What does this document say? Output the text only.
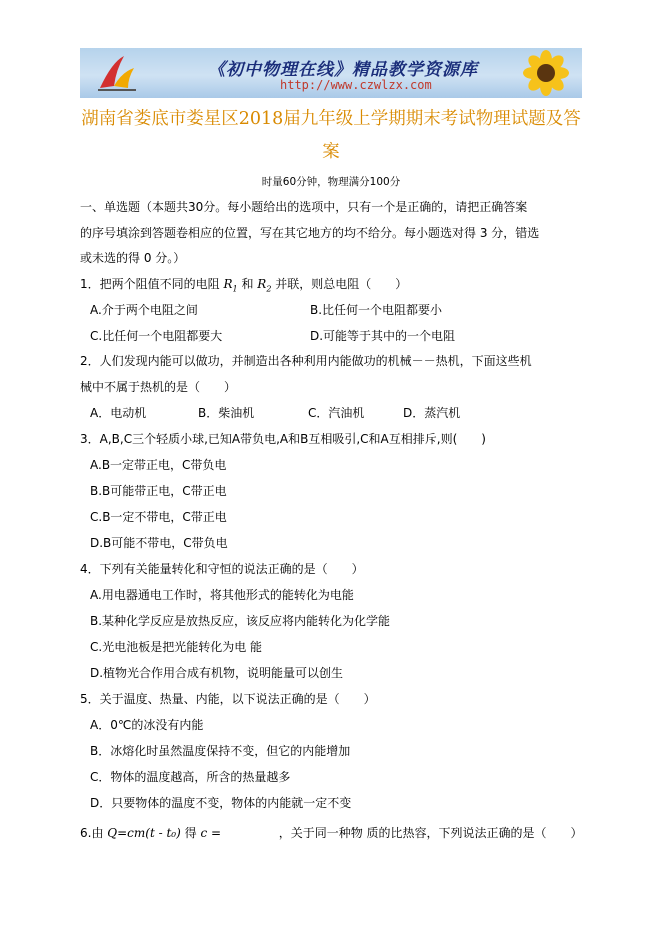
《初中物理在线》精品教学资源库
http://www.czwlzx.com
湖南省娄底市娄星区2018届九年级上学期期末考试物理试题及答
案
时量60分钟，物理满分100分
一、单选题（本题共30分。每小题给出的选项中，只有一个是正确的，请把正确答案
的序号填涂到答题卷相应的位置，写在其它地方的均不给分。每小题选对得 3 分，错选
或未选的得 0 分。）
1．把两个阻值不同的电阻 $R_1$ 和 $R_2$ 并联，则总电阻（　　）
A.介于两个电阻之间	B.比任何一个电阻都要小
C.比任何一个电阻都要大	D.可能等于其中的一个电阻
2．人们发现内能可以做功，并制造出各种利用内能做功的机械－－热机，下面这些机
械中不属于热机的是（　　）
A．电动机	B．柴油机	C．汽油机	D．蒸汽机
3．A,B,C三个轻质小球,已知A带负电,A和B互相吸引,C和A互相排斥,则(　　)
A.B一定带正电，C带负电
B.B可能带正电，C带正电
C.B一定不带电，C带正电
D.B可能不带电，C带负电
4．下列有关能量转化和守恒的说法正确的是（　　）
A.用电器通电工作时，将其他形式的能转化为电能
B.某种化学反应是放热反应，该反应将内能转化为化学能
C.光电池板是把光能转化为电 能
D.植物光合作用合成有机物，说明能量可以创生
5．关于温度、热量、内能，以下说法正确的是（　　）
A．0℃的冰没有内能
B．冰熔化时虽然温度保持不变，但它的内能增加
C．物体的温度越高，所含的热量越多
D．只要物体的温度不变，物体的内能就一定不变
6.由 Q=cm(t - t₀) 得 c =	，关于同一种物 质的比热容，下列说法正确的是（　　）
